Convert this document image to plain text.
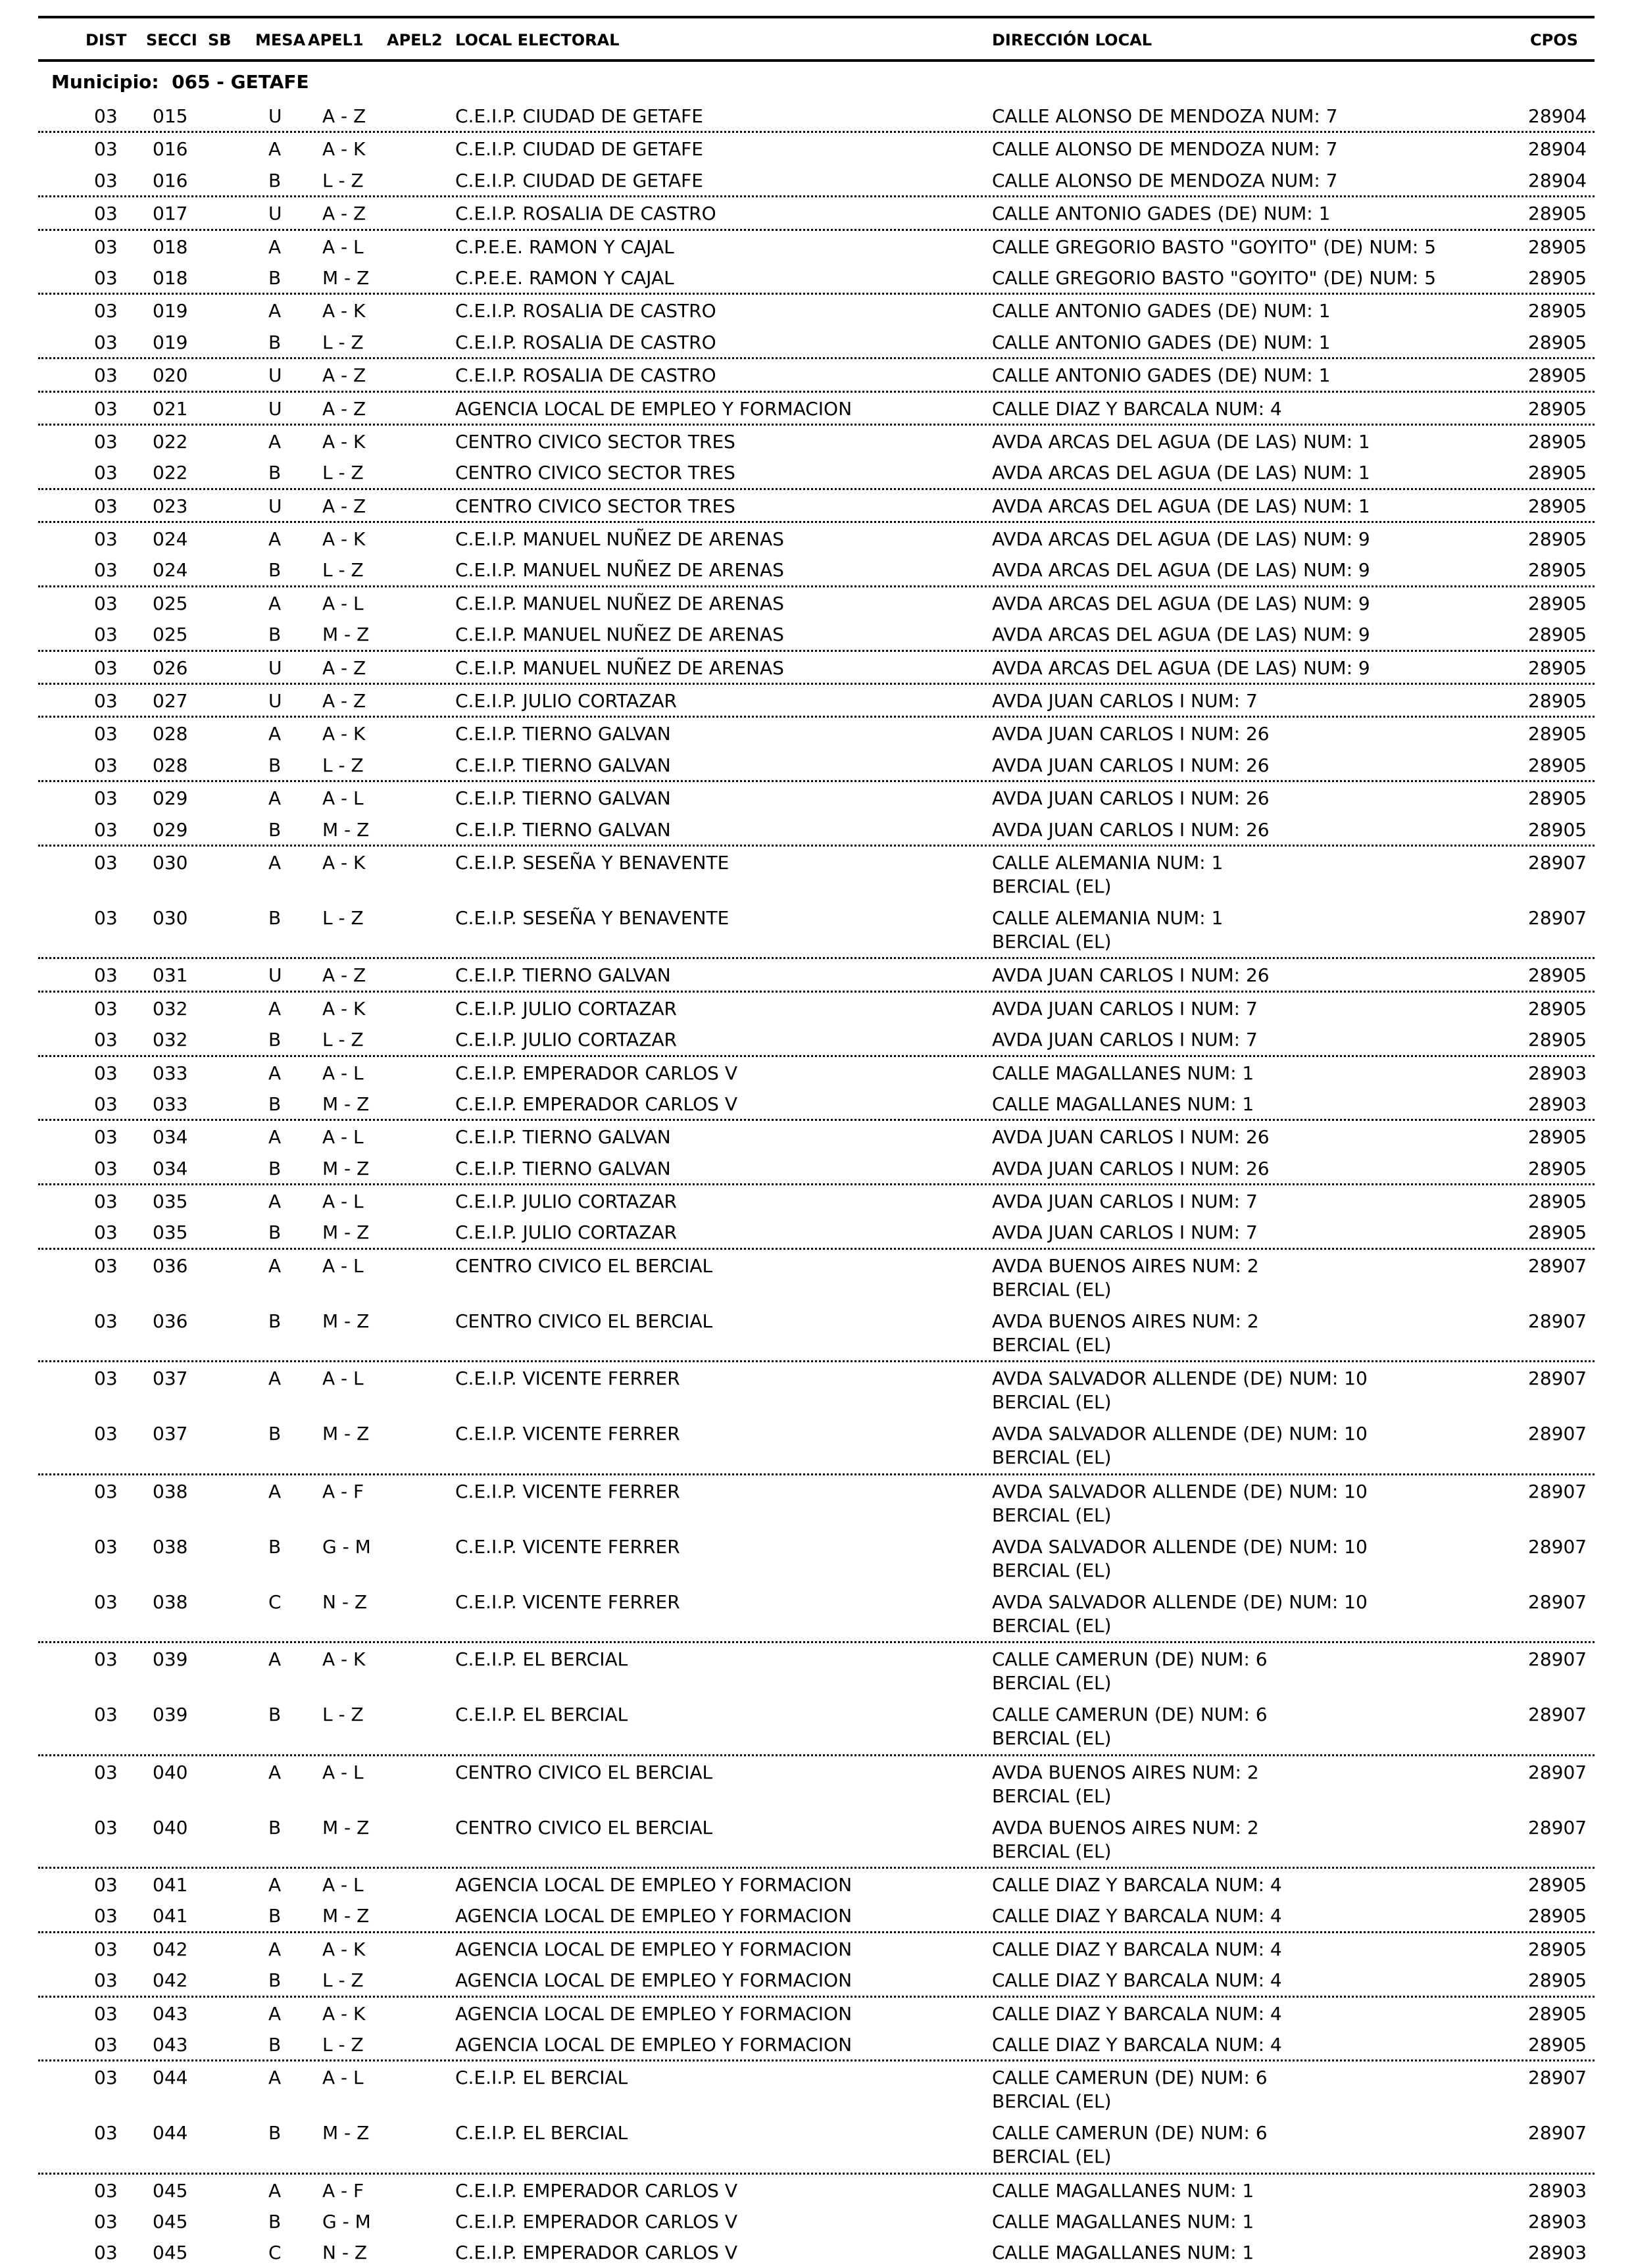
DIST SECCI SB MESA APEL1 APEL2 LOCAL ELECTORAL	DIRECCIÓN LOCAL	CPOS
Municipio: 065 - GETAFE
03 015	U A - Z	C.E.I.P. CIUDAD DE GETAFE	CALLE ALONSO DE MENDOZA NUM: 7	28904
03 016	A A - K	C.E.I.P. CIUDAD DE GETAFE	CALLE ALONSO DE MENDOZA NUM: 7	28904
03 016	B L - Z	C.E.I.P. CIUDAD DE GETAFE	CALLE ALONSO DE MENDOZA NUM: 7	28904
03 017	U A - Z	C.E.I.P. ROSALIA DE CASTRO	CALLE ANTONIO GADES (DE) NUM: 1	28905
03 018	A A - L	C.P.E.E. RAMON Y CAJAL	CALLE GREGORIO BASTO "GOYITO" (DE) NUM: 5	28905
03 018	B M - Z	C.P.E.E. RAMON Y CAJAL	CALLE GREGORIO BASTO "GOYITO" (DE) NUM: 5	28905
03 019	A A - K	C.E.I.P. ROSALIA DE CASTRO	CALLE ANTONIO GADES (DE) NUM: 1	28905
03 019	B L - Z	C.E.I.P. ROSALIA DE CASTRO	CALLE ANTONIO GADES (DE) NUM: 1	28905
03 020	U A - Z	C.E.I.P. ROSALIA DE CASTRO	CALLE ANTONIO GADES (DE) NUM: 1	28905
03 021	U A - Z	AGENCIA LOCAL DE EMPLEO Y FORMACION	CALLE DIAZ Y BARCALA NUM: 4	28905
03 022	A A - K	CENTRO CIVICO SECTOR TRES	AVDA ARCAS DEL AGUA (DE LAS) NUM: 1	28905
03 022	B L - Z	CENTRO CIVICO SECTOR TRES	AVDA ARCAS DEL AGUA (DE LAS) NUM: 1	28905
03 023	U A - Z	CENTRO CIVICO SECTOR TRES	AVDA ARCAS DEL AGUA (DE LAS) NUM: 1	28905
03 024	A A - K	C.E.I.P. MANUEL NUÑEZ DE ARENAS	AVDA ARCAS DEL AGUA (DE LAS) NUM: 9	28905
03 024	B L - Z	C.E.I.P. MANUEL NUÑEZ DE ARENAS	AVDA ARCAS DEL AGUA (DE LAS) NUM: 9	28905
03 025	A A - L	C.E.I.P. MANUEL NUÑEZ DE ARENAS	AVDA ARCAS DEL AGUA (DE LAS) NUM: 9	28905
03 025	B M - Z	C.E.I.P. MANUEL NUÑEZ DE ARENAS	AVDA ARCAS DEL AGUA (DE LAS) NUM: 9	28905
03 026	U A - Z	C.E.I.P. MANUEL NUÑEZ DE ARENAS	AVDA ARCAS DEL AGUA (DE LAS) NUM: 9	28905
03 027	U A - Z	C.E.I.P. JULIO CORTAZAR	AVDA JUAN CARLOS I NUM: 7	28905
03 028	A A - K	C.E.I.P. TIERNO GALVAN	AVDA JUAN CARLOS I NUM: 26	28905
03 028	B L - Z	C.E.I.P. TIERNO GALVAN	AVDA JUAN CARLOS I NUM: 26	28905
03 029	A A - L	C.E.I.P. TIERNO GALVAN	AVDA JUAN CARLOS I NUM: 26	28905
03 029	B M - Z	C.E.I.P. TIERNO GALVAN	AVDA JUAN CARLOS I NUM: 26	28905
03 030	A A - K	C.E.I.P. SESEÑA Y BENAVENTE	CALLE ALEMANIA NUM: 1	28907
BERCIAL (EL)
03 030	B L - Z	C.E.I.P. SESEÑA Y BENAVENTE	CALLE ALEMANIA NUM: 1	28907
BERCIAL (EL)
03 031	U A - Z	C.E.I.P. TIERNO GALVAN	AVDA JUAN CARLOS I NUM: 26	28905
03 032	A A - K	C.E.I.P. JULIO CORTAZAR	AVDA JUAN CARLOS I NUM: 7	28905
03 032	B L - Z	C.E.I.P. JULIO CORTAZAR	AVDA JUAN CARLOS I NUM: 7	28905
03 033	A A - L	C.E.I.P. EMPERADOR CARLOS V	CALLE MAGALLANES NUM: 1	28903
03 033	B M - Z	C.E.I.P. EMPERADOR CARLOS V	CALLE MAGALLANES NUM: 1	28903
03 034	A A - L	C.E.I.P. TIERNO GALVAN	AVDA JUAN CARLOS I NUM: 26	28905
03 034	B M - Z	C.E.I.P. TIERNO GALVAN	AVDA JUAN CARLOS I NUM: 26	28905
03 035	A A - L	C.E.I.P. JULIO CORTAZAR	AVDA JUAN CARLOS I NUM: 7	28905
03 035	B M - Z	C.E.I.P. JULIO CORTAZAR	AVDA JUAN CARLOS I NUM: 7	28905
03 036	A A - L	CENTRO CIVICO EL BERCIAL	AVDA BUENOS AIRES NUM: 2	28907
BERCIAL (EL)
03 036	B M - Z	CENTRO CIVICO EL BERCIAL	AVDA BUENOS AIRES NUM: 2	28907
BERCIAL (EL)
03 037	A A - L	C.E.I.P. VICENTE FERRER	AVDA SALVADOR ALLENDE (DE) NUM: 10	28907
BERCIAL (EL)
03 037	B M - Z	C.E.I.P. VICENTE FERRER	AVDA SALVADOR ALLENDE (DE) NUM: 10	28907
BERCIAL (EL)
03 038	A A - F	C.E.I.P. VICENTE FERRER	AVDA SALVADOR ALLENDE (DE) NUM: 10	28907
BERCIAL (EL)
03 038	B G - M	C.E.I.P. VICENTE FERRER	AVDA SALVADOR ALLENDE (DE) NUM: 10	28907
BERCIAL (EL)
03 038	C N - Z	C.E.I.P. VICENTE FERRER	AVDA SALVADOR ALLENDE (DE) NUM: 10	28907
BERCIAL (EL)
03 039	A A - K	C.E.I.P. EL BERCIAL	CALLE CAMERUN (DE) NUM: 6	28907
BERCIAL (EL)
03 039	B L - Z	C.E.I.P. EL BERCIAL	CALLE CAMERUN (DE) NUM: 6	28907
BERCIAL (EL)
03 040	A A - L	CENTRO CIVICO EL BERCIAL	AVDA BUENOS AIRES NUM: 2	28907
BERCIAL (EL)
03 040	B M - Z	CENTRO CIVICO EL BERCIAL	AVDA BUENOS AIRES NUM: 2	28907
BERCIAL (EL)
03 041	A A - L	AGENCIA LOCAL DE EMPLEO Y FORMACION	CALLE DIAZ Y BARCALA NUM: 4	28905
03 041	B M - Z	AGENCIA LOCAL DE EMPLEO Y FORMACION	CALLE DIAZ Y BARCALA NUM: 4	28905
03 042	A A - K	AGENCIA LOCAL DE EMPLEO Y FORMACION	CALLE DIAZ Y BARCALA NUM: 4	28905
03 042	B L - Z	AGENCIA LOCAL DE EMPLEO Y FORMACION	CALLE DIAZ Y BARCALA NUM: 4	28905
03 043	A A - K	AGENCIA LOCAL DE EMPLEO Y FORMACION	CALLE DIAZ Y BARCALA NUM: 4	28905
03 043	B L - Z	AGENCIA LOCAL DE EMPLEO Y FORMACION	CALLE DIAZ Y BARCALA NUM: 4	28905
03 044	A A - L	C.E.I.P. EL BERCIAL	CALLE CAMERUN (DE) NUM: 6	28907
BERCIAL (EL)
03 044	B M - Z	C.E.I.P. EL BERCIAL	CALLE CAMERUN (DE) NUM: 6	28907
BERCIAL (EL)
03 045	A A - F	C.E.I.P. EMPERADOR CARLOS V	CALLE MAGALLANES NUM: 1	28903
03 045	B G - M	C.E.I.P. EMPERADOR CARLOS V	CALLE MAGALLANES NUM: 1	28903
03 045	C N - Z	C.E.I.P. EMPERADOR CARLOS V	CALLE MAGALLANES NUM: 1	28903
